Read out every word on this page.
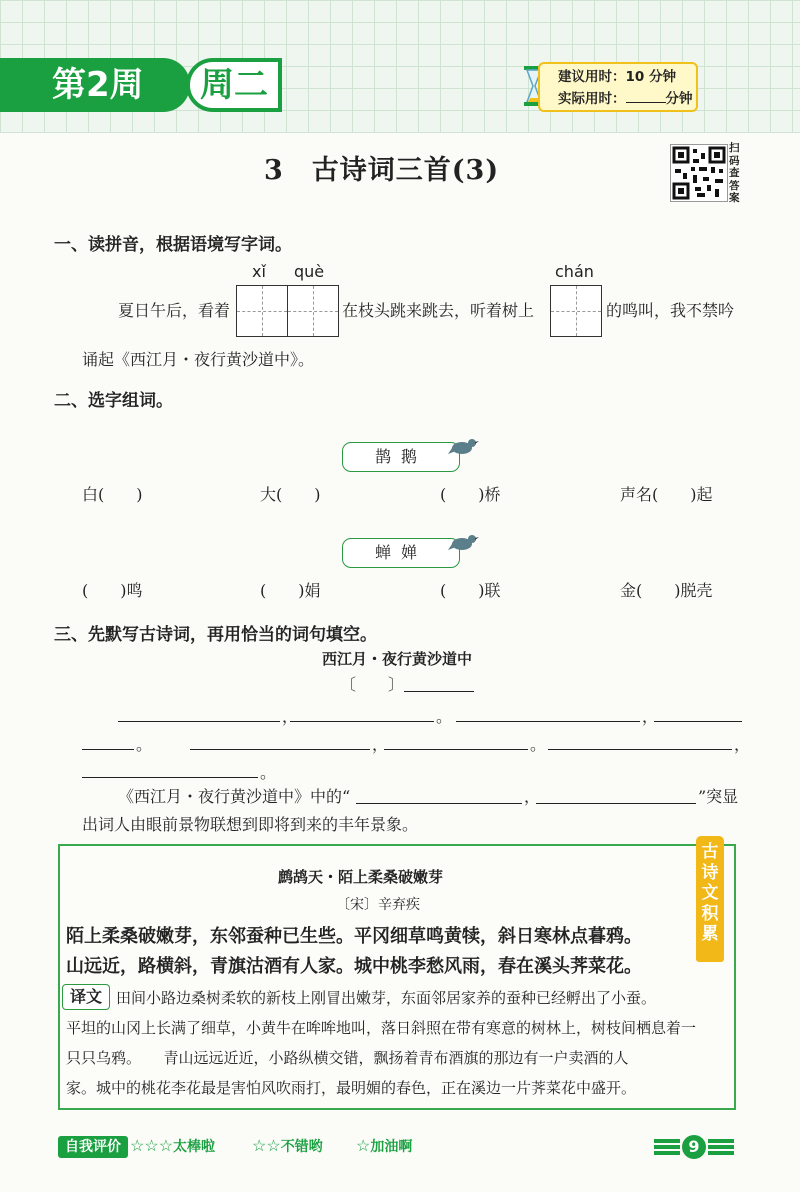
第2周	周二	建议用时：10 分钟
实际用时：	分钟
3　古诗词三首(3)
扫码查答案
一、读拼音，根据语境写字词。
xǐ què	chán
夏日午后，看着	在枝头跳来跳去，听着树上	的鸣叫，我不禁吟
诵起《西江月・夜行黄沙道中》。
二、选字组词。
鹊鹅
白(　　)	大(　　)	(　　)桥	声名(　　)起
蝉婵
(　　)鸣	(　　)娟	(　　)联	金(　　)脱壳
三、先默写古诗词，再用恰当的词句填空。
西江月・夜行黄沙道中
〔　　〕
，	。	，
。	，	。	，
。
《西江月・夜行黄沙道中》中的“	，	”突显
出词人由眼前景物联想到即将到来的丰年景象。
古
诗
文
积
累
鹧鸪天・陌上柔桑破嫩芽
〔宋〕辛弃疾
陌上柔桑破嫩芽，东邻蚕种已生些。平冈细草鸣黄犊，斜日寒林点暮鸦。
山远近，路横斜，青旗沽酒有人家。城中桃李愁风雨，春在溪头荠菜花。
译文 田间小路边桑树柔软的新枝上刚冒出嫩芽，东面邻居家养的蚕种已经孵出了小蚕。
平坦的山冈上长满了细草，小黄牛在哞哞地叫，落日斜照在带有寒意的树林上，树枝间栖息着一
只只乌鸦。　　青山远远近近，小路纵横交错，飘扬着青布酒旗的那边有一户卖酒的人
家。城中的桃花李花最是害怕风吹雨打，最明媚的春色，正在溪边一片荠菜花中盛开。
自我评价 ☆☆☆太棒啦 ☆☆不错哟 ☆加油啊	9
